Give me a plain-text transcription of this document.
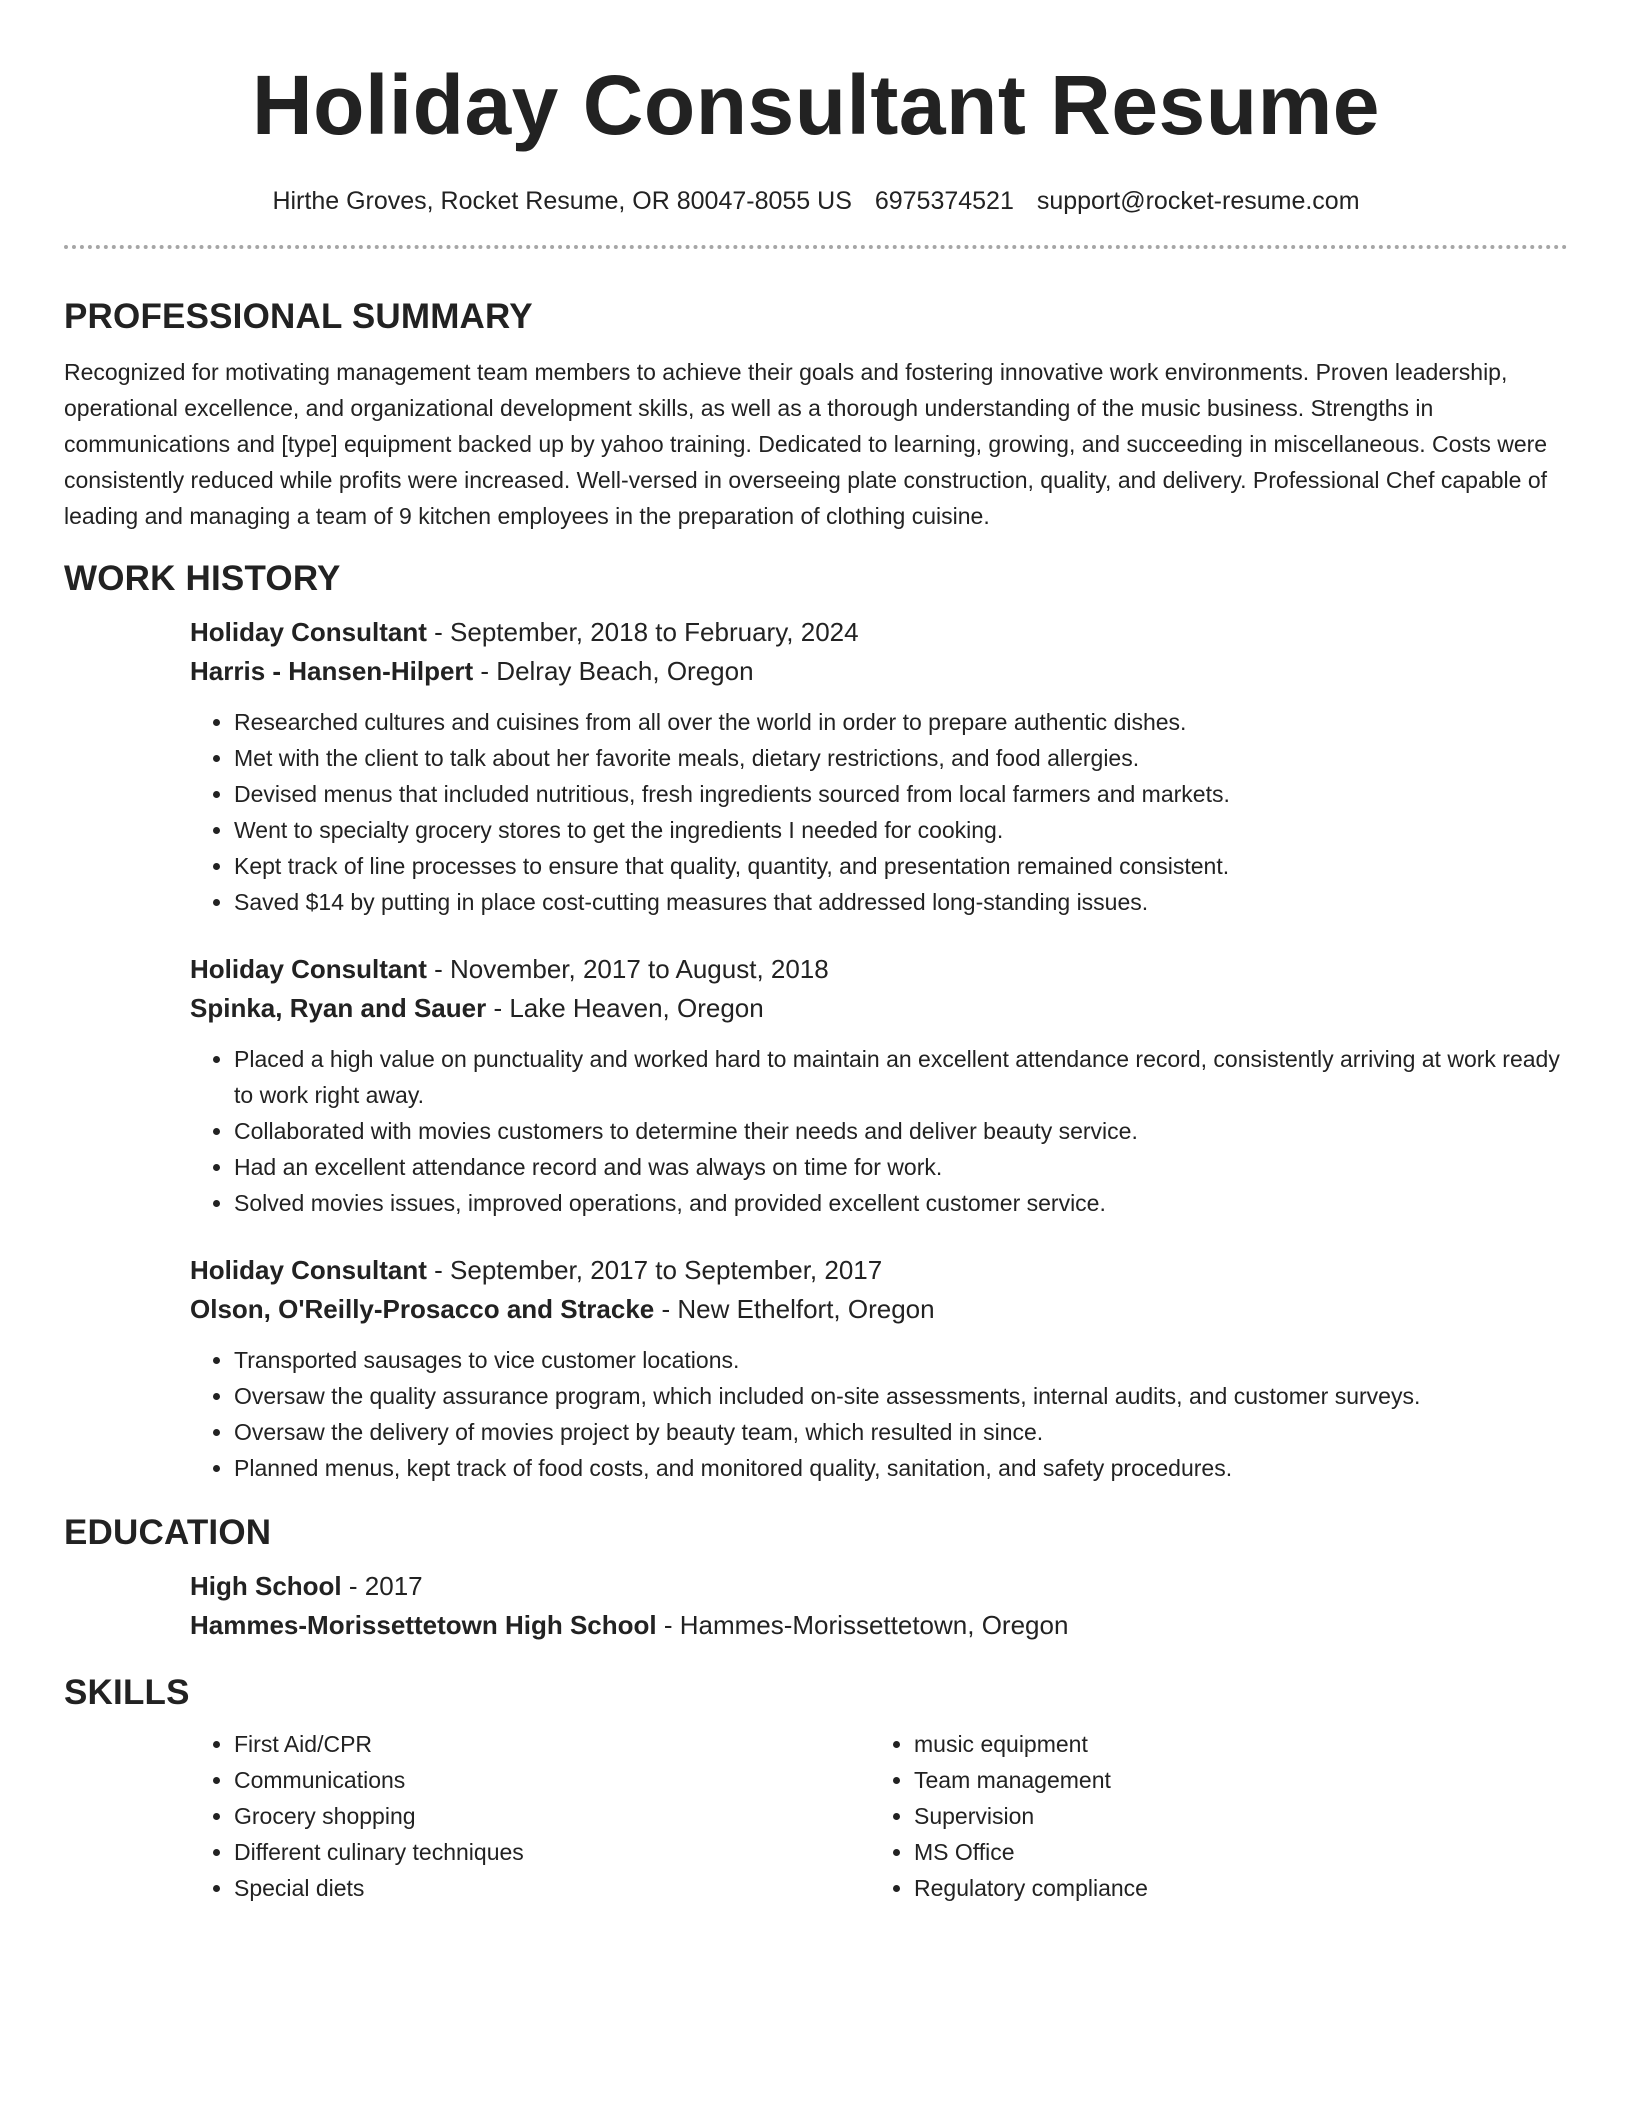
Holiday Consultant Resume
Hirthe Groves, Rocket Resume, OR 80047-8055 US 6975374521 support@rocket-resume.com
PROFESSIONAL SUMMARY

Recognized for motivating management team members to achieve their goals and fostering innovative work environments. Proven leadership, operational excellence, and organizational development skills, as well as a thorough understanding of the music business. Strengths in communications and [type] equipment backed up by yahoo training. Dedicated to learning, growing, and succeeding in miscellaneous. Costs were consistently reduced while profits were increased. Well-versed in overseeing plate construction, quality, and delivery. Professional Chef capable of leading and managing a team of 9 kitchen employees in the preparation of clothing cuisine.

WORK HISTORY
Holiday Consultant - September, 2018 to February, 2024
Harris - Hansen-Hilpert - Delray Beach, Oregon
• Researched cultures and cuisines from all over the world in order to prepare authentic dishes.
• Met with the client to talk about her favorite meals, dietary restrictions, and food allergies.
• Devised menus that included nutritious, fresh ingredients sourced from local farmers and markets.
• Went to specialty grocery stores to get the ingredients I needed for cooking.
• Kept track of line processes to ensure that quality, quantity, and presentation remained consistent.
• Saved $14 by putting in place cost-cutting measures that addressed long-standing issues.
Holiday Consultant - November, 2017 to August, 2018
Spinka, Ryan and Sauer - Lake Heaven, Oregon
• Placed a high value on punctuality and worked hard to maintain an excellent attendance record, consistently arriving at work ready to work right away.
• Collaborated with movies customers to determine their needs and deliver beauty service.
• Had an excellent attendance record and was always on time for work.
• Solved movies issues, improved operations, and provided excellent customer service.
Holiday Consultant - September, 2017 to September, 2017
Olson, O'Reilly-Prosacco and Stracke - New Ethelfort, Oregon
• Transported sausages to vice customer locations.
• Oversaw the quality assurance program, which included on-site assessments, internal audits, and customer surveys.
• Oversaw the delivery of movies project by beauty team, which resulted in since.
• Planned menus, kept track of food costs, and monitored quality, sanitation, and safety procedures.
EDUCATION
High School - 2017
Hammes-Morissettetown High School - Hammes-Morissettetown, Oregon
SKILLS
• First Aid/CPR
• Communications
• Grocery shopping
• Different culinary techniques
• Special diets
• music equipment
• Team management
• Supervision
• MS Office
• Regulatory compliance
